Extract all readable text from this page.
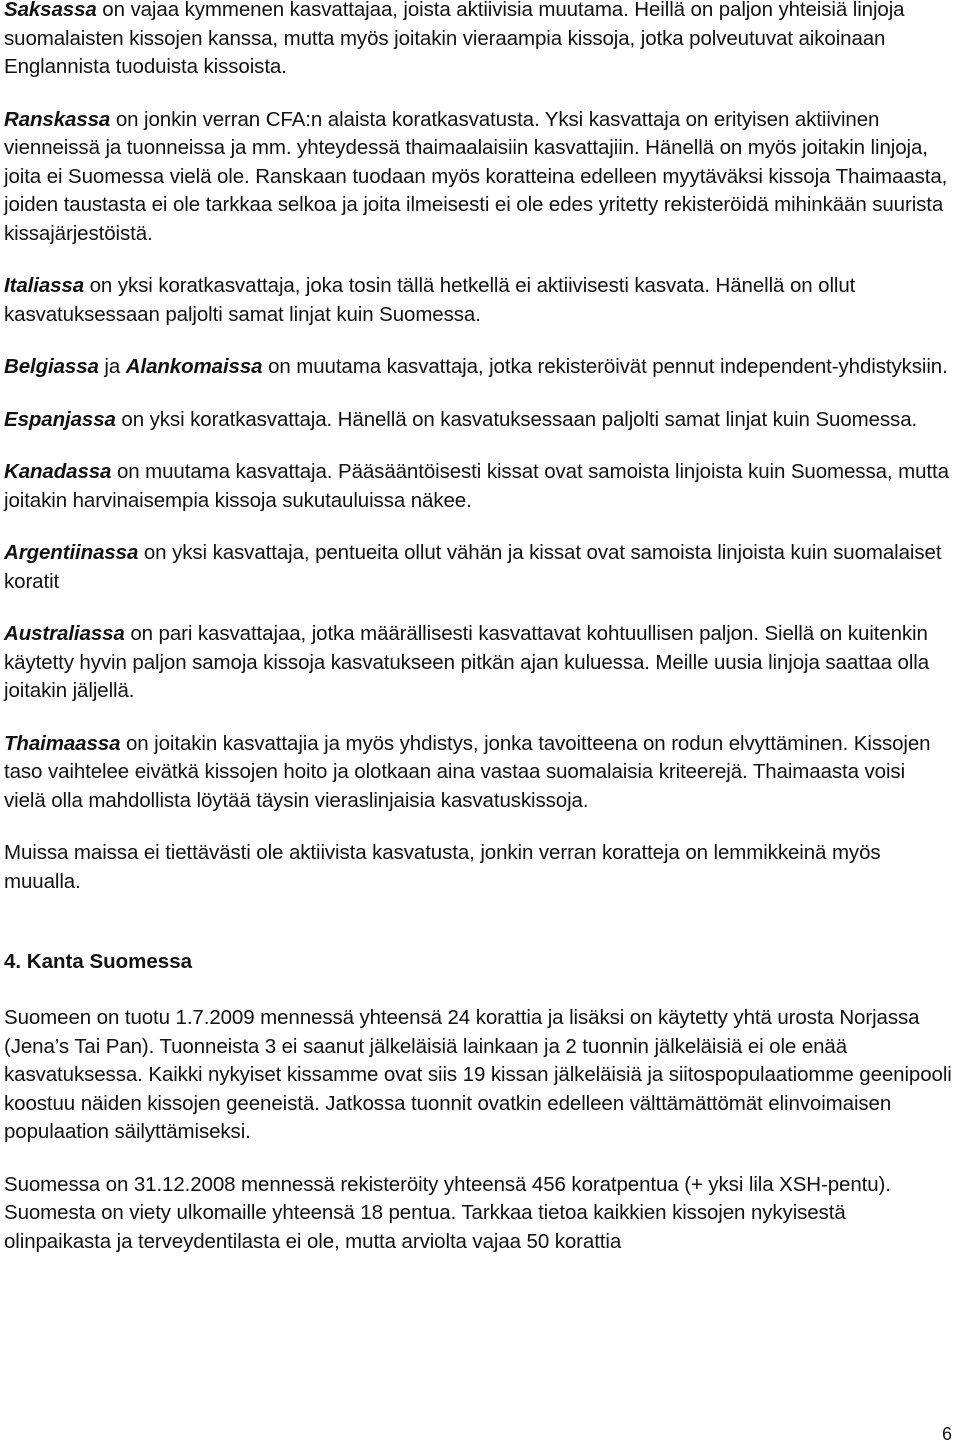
Saksassa on vajaa kymmenen kasvattajaa, joista aktiivisia muutama. Heillä on paljon yhteisiä linjoja suomalaisten kissojen kanssa, mutta myös joitakin vieraampia kissoja, jotka polveutuvat aikoinaan Englannista tuoduista kissoista.

Ranskassa on jonkin verran CFA:n alaista koratkasvatusta. Yksi kasvattaja on erityisen aktiivinen vienneissä ja tuonneissa ja mm. yhteydessä thaimaalaisiin kasvattajiin. Hänellä on myös joitakin linjoja, joita ei Suomessa vielä ole. Ranskaan tuodaan myös koratteina edelleen myytäväksi kissoja Thaimaasta, joiden taustasta ei ole tarkkaa selkoa ja joita ilmeisesti ei ole edes yritetty rekisteröidä mihinkään suurista kissajärjestöistä.

Italiassa on yksi koratkasvattaja, joka tosin tällä hetkellä ei aktiivisesti kasvata. Hänellä on ollut kasvatuksessaan paljolti samat linjat kuin Suomessa.

Belgiassa ja Alankomaissa on muutama kasvattaja, jotka rekisteröivät pennut independent-yhdistyksiin.

Espanjassa on yksi koratkasvattaja. Hänellä on kasvatuksessaan paljolti samat linjat kuin Suomessa.

Kanadassa on muutama kasvattaja. Pääsääntöisesti kissat ovat samoista linjoista kuin Suomessa, mutta joitakin harvinaisempia kissoja sukutauluissa näkee.

Argentiinassa on yksi kasvattaja, pentueita ollut vähän ja kissat ovat samoista linjoista kuin suomalaiset koratit

Australiassa on pari kasvattajaa, jotka määrällisesti kasvattavat kohtuullisen paljon. Siellä on kuitenkin käytetty hyvin paljon samoja kissoja kasvatukseen pitkän ajan kuluessa. Meille uusia linjoja saattaa olla joitakin jäljellä.

Thaimaassa on joitakin kasvattajia ja myös yhdistys, jonka tavoitteena on rodun elvyttäminen. Kissojen taso vaihtelee eivätkä kissojen hoito ja olotkaan aina vastaa suomalaisia kriteerejä. Thaimaasta voisi vielä olla mahdollista löytää täysin vieraslinjaisia kasvatuskissoja.

Muissa maissa ei tiettävästi ole aktiivista kasvatusta, jonkin verran koratteja on lemmikkeinä myös muualla.

4. Kanta Suomessa

Suomeen on tuotu 1.7.2009 mennessä yhteensä 24 korattia ja lisäksi on käytetty yhtä urosta Norjassa (Jena’s Tai Pan). Tuonneista 3 ei saanut jälkeläisiä lainkaan ja 2 tuonnin jälkeläisiä ei ole enää kasvatuksessa. Kaikki nykyiset kissamme ovat siis 19 kissan jälkeläisiä ja siitospopulaatiomme geenipooli koostuu näiden kissojen geeneistä. Jatkossa tuonnit ovatkin edelleen välttämättömät elinvoimaisen populaation säilyttämiseksi.

Suomessa on 31.12.2008 mennessä rekisteröity yhteensä 456 koratpentua (+ yksi lila XSH-pentu). Suomesta on viety ulkomaille yhteensä 18 pentua. Tarkkaa tietoa kaikkien kissojen nykyisestä olinpaikasta ja terveydentilasta ei ole, mutta arviolta vajaa 50 korattia

6
